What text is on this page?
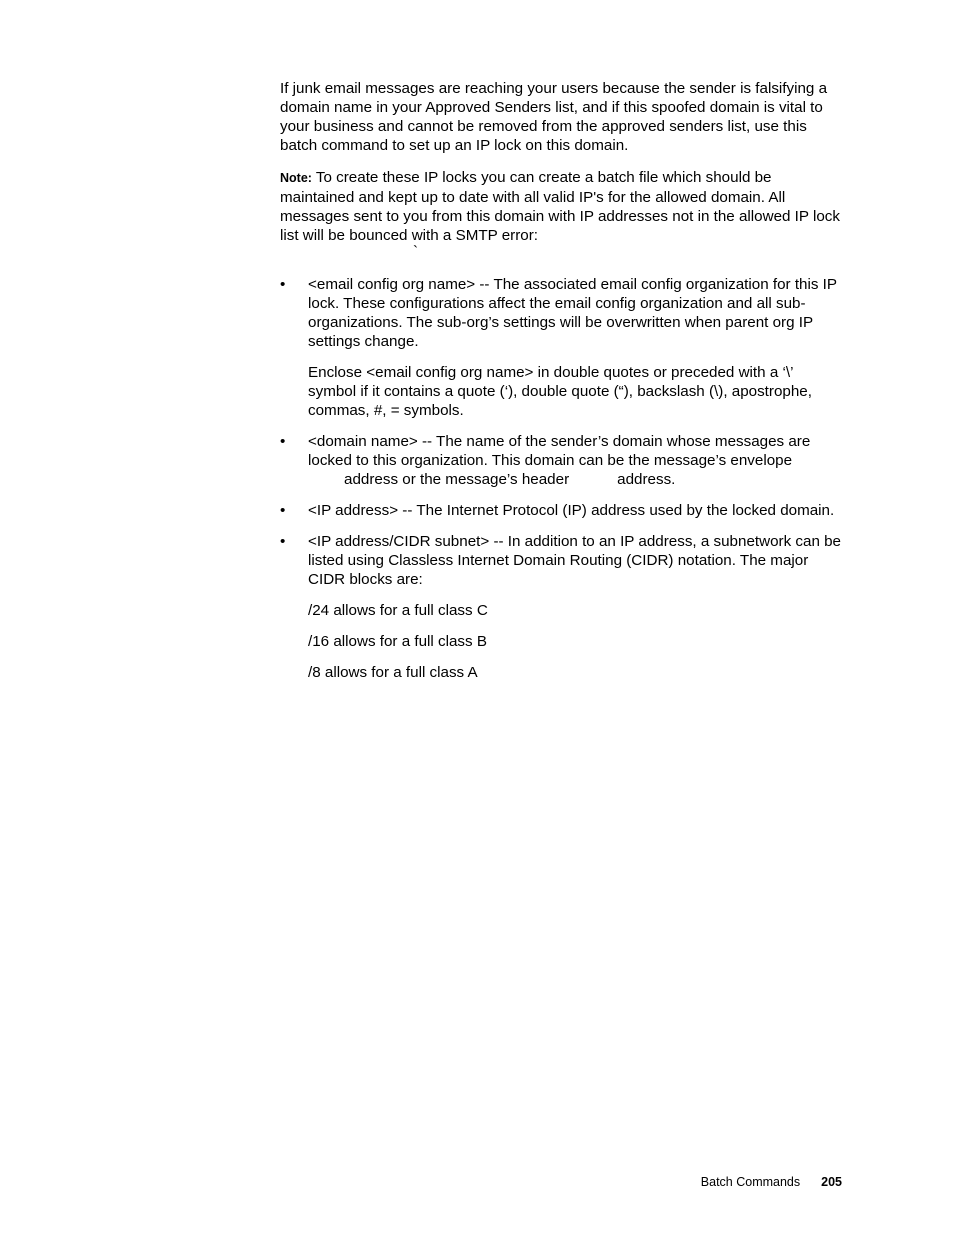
If junk email messages are reaching your users because the sender is falsifying a domain name in your Approved Senders list, and if this spoofed domain is vital to your business and cannot be removed from the approved senders list, use this batch command to set up an IP lock on this domain.

Note: To create these IP locks you can create a batch file which should be maintained and kept up to date with all valid IP's for the allowed domain. All messages sent to you from this domain with IP addresses not in the allowed IP lock list will be bounced with a SMTP error:

`

• <email config org name> -- The associated email config organization for this IP lock. These configurations affect the email config organization and all sub-organizations. The sub-org’s settings will be overwritten when parent org IP settings change.

Enclose <email config org name> in double quotes or preceded with a ‘\’ symbol if it contains a quote (‘), double quote (“), backslash (\), apostrophe, commas, #, = symbols.

• <domain name> -- The name of the sender’s domain whose messages are locked to this organization. This domain can be the message’s envelope
address or the message’s header	address.

• <IP address> -- The Internet Protocol (IP) address used by the locked domain.

• <IP address/CIDR subnet> -- In addition to an IP address, a subnetwork can be listed using Classless Internet Domain Routing (CIDR) notation. The major CIDR blocks are:

/24 allows for a full class C

/16 allows for a full class B

/8 allows for a full class A

Batch Commands 205
